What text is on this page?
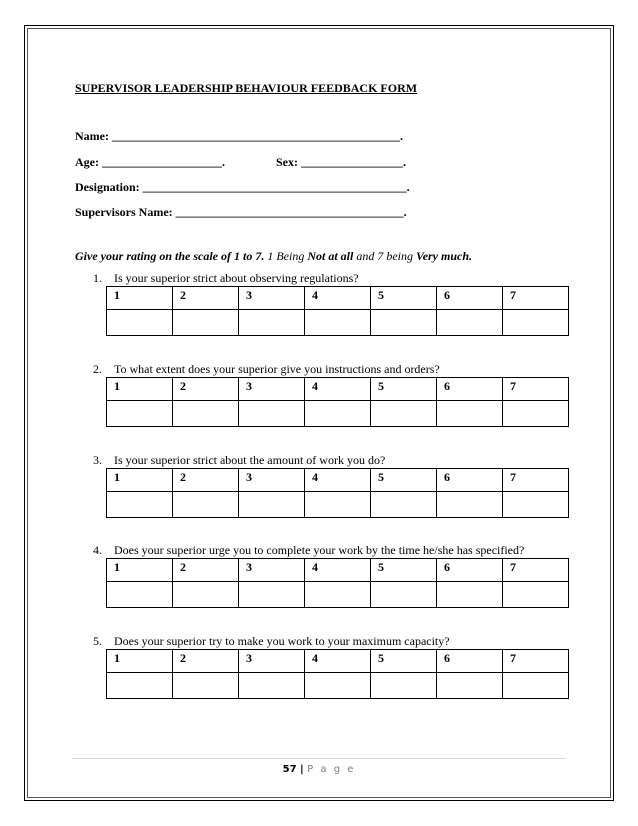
SUPERVISOR LEADERSHIP BEHAVIOUR FEEDBACK FORM
Name: ________________________________________________.
Age: ____________________.	Sex: _________________.
Designation: ____________________________________________.
Supervisors Name: ______________________________________.
Give your rating on the scale of 1 to 7. 1 Being Not at all and 7 being Very much.
1. Is your superior strict about observing regulations?
1	2	3	4	5	6	7

2. To what extent does your superior give you instructions and orders?
1	2	3	4	5	6	7

3. Is your superior strict about the amount of work you do?
1	2	3	4	5	6	7

4. Does your superior urge you to complete your work by the time he/she has specified?
1	2	3	4	5	6	7

5. Does your superior try to make you work to your maximum capacity?
1	2	3	4	5	6	7

57 | P a g e
